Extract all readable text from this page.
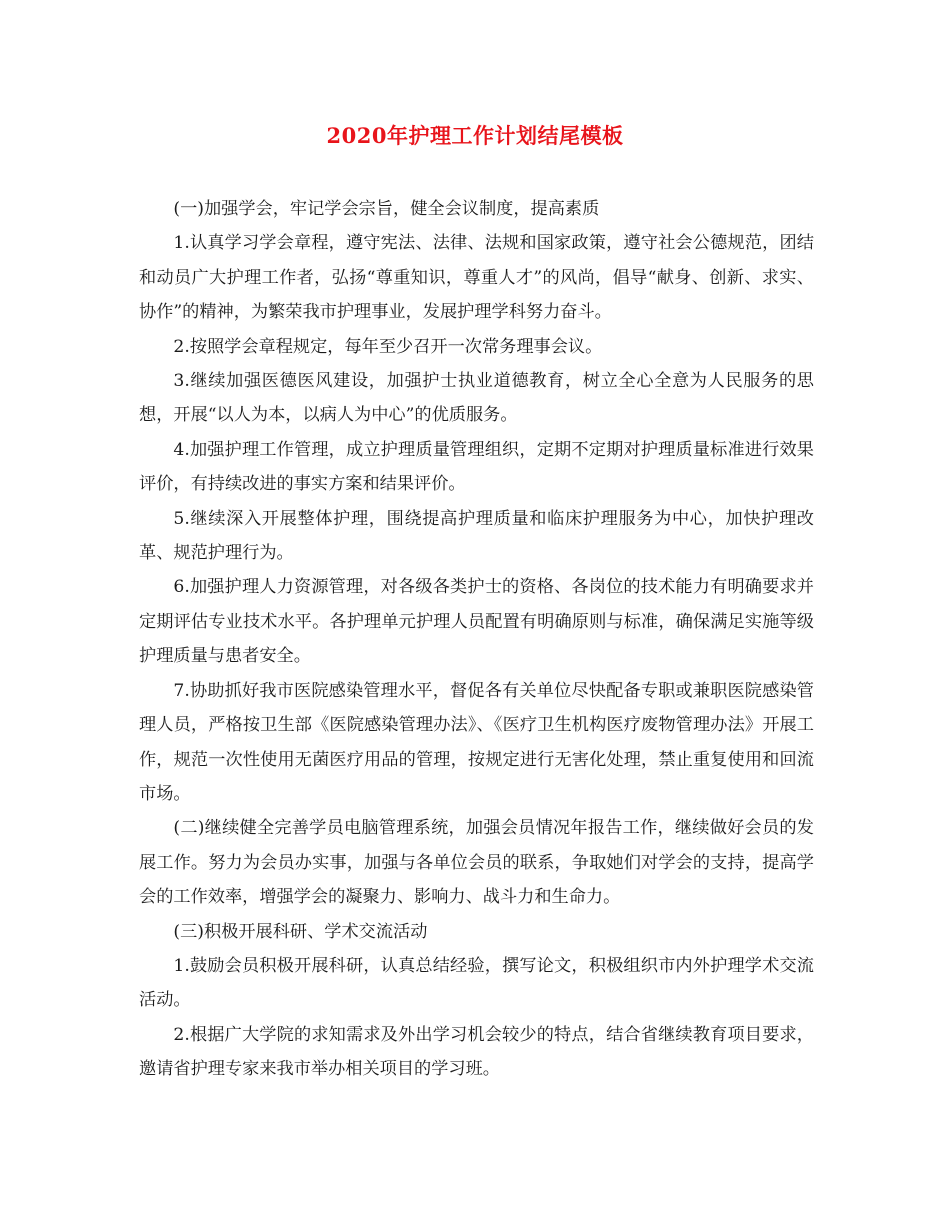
2020年护理工作计划结尾模板

(一)加强学会，牢记学会宗旨，健全会议制度，提高素质

1.认真学习学会章程，遵守宪法、法律、法规和国家政策，遵守社会公德规范，团结和动员广大护理工作者，弘扬“尊重知识，尊重人才”的风尚，倡导“献身、创新、求实、协作”的精神，为繁荣我市护理事业，发展护理学科努力奋斗。

2.按照学会章程规定，每年至少召开一次常务理事会议。

3.继续加强医德医风建设，加强护士执业道德教育，树立全心全意为人民服务的思想，开展“以人为本，以病人为中心”的优质服务。

4.加强护理工作管理，成立护理质量管理组织，定期不定期对护理质量标准进行效果评价，有持续改进的事实方案和结果评价。

5.继续深入开展整体护理，围绕提高护理质量和临床护理服务为中心，加快护理改革、规范护理行为。

6.加强护理人力资源管理，对各级各类护士的资格、各岗位的技术能力有明确要求并定期评估专业技术水平。各护理单元护理人员配置有明确原则与标准，确保满足实施等级护理质量与患者安全。

7.协助抓好我市医院感染管理水平，督促各有关单位尽快配备专职或兼职医院感染管理人员，严格按卫生部《医院感染管理办法》、《医疗卫生机构医疗废物管理办法》开展工作，规范一次性使用无菌医疗用品的管理，按规定进行无害化处理，禁止重复使用和回流市场。

(二)继续健全完善学员电脑管理系统，加强会员情况年报告工作，继续做好会员的发展工作。努力为会员办实事，加强与各单位会员的联系，争取她们对学会的支持，提高学会的工作效率，增强学会的凝聚力、影响力、战斗力和生命力。

(三)积极开展科研、学术交流活动

1.鼓励会员积极开展科研，认真总结经验，撰写论文，积极组织市内外护理学术交流活动。

2.根据广大学院的求知需求及外出学习机会较少的特点，结合省继续教育项目要求，邀请省护理专家来我市举办相关项目的学习班。
